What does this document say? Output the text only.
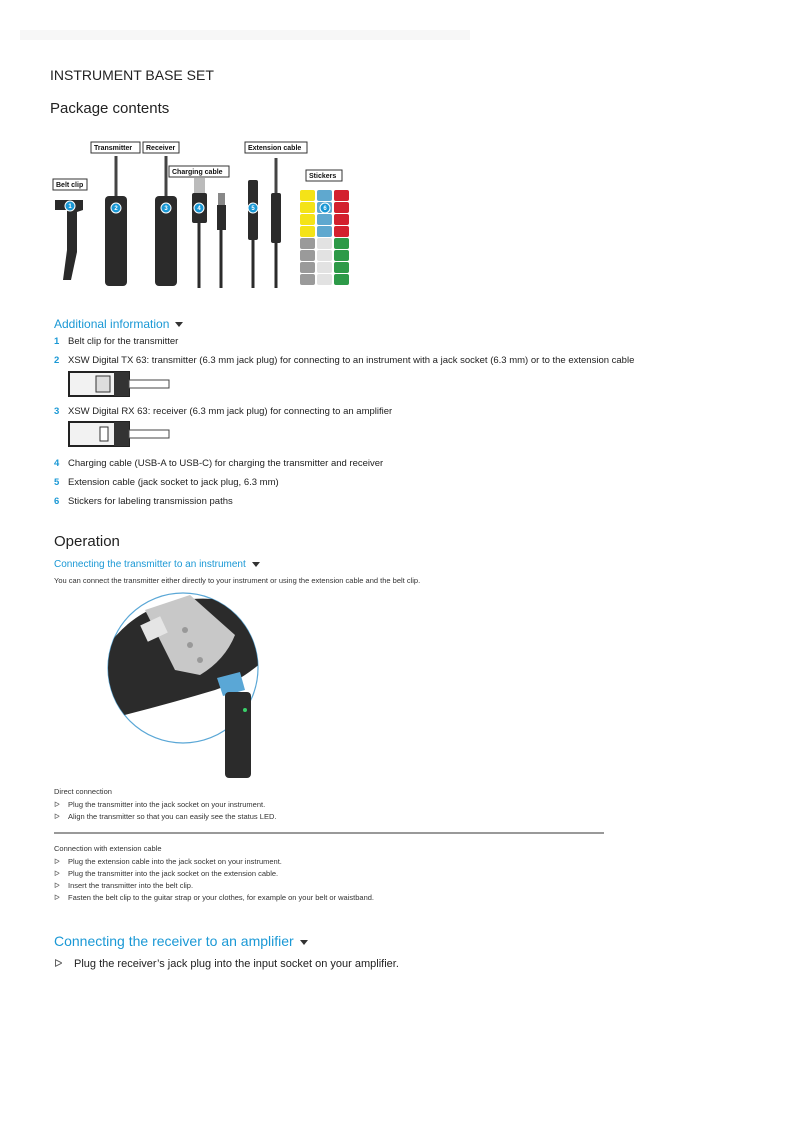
INSTRUMENT BASE SET
Package contents
Belt clip
Transmitter Receiver
Charging cable
Extension cable
Stickers
1	2	3	4	5	6
Additional information
1 Belt clip for the transmitter
2 XSW Digital TX 63: transmitter (6.3 mm jack plug) for connecting to an instrument with a jack socket (6.3 mm) or to the extension cable
3 XSW Digital RX 63: receiver (6.3 mm jack plug) for connecting to an amplifier
4 Charging cable (USB-A to USB-C) for charging the transmitter and receiver
5 Extension cable (jack socket to jack plug, 6.3 mm)
6 Stickers for labeling transmission paths
Operation
Connecting the transmitter to an instrument
You can connect the transmitter either directly to your instrument or using the extension cable and the belt clip.
Direct connection
ᐅ Plug the transmitter into the jack socket on your instrument.
ᐅ Align the transmitter so that you can easily see the status LED.
Connection with extension cable
ᐅ Plug the extension cable into the jack socket on your instrument.
ᐅ Plug the transmitter into the jack socket on the extension cable.
ᐅ Insert the transmitter into the belt clip.
ᐅ Fasten the belt clip to the guitar strap or your clothes, for example on your belt or waistband.
Connecting the receiver to an amplifier
ᐅ Plug the receiver’s jack plug into the input socket on your amplifier.
